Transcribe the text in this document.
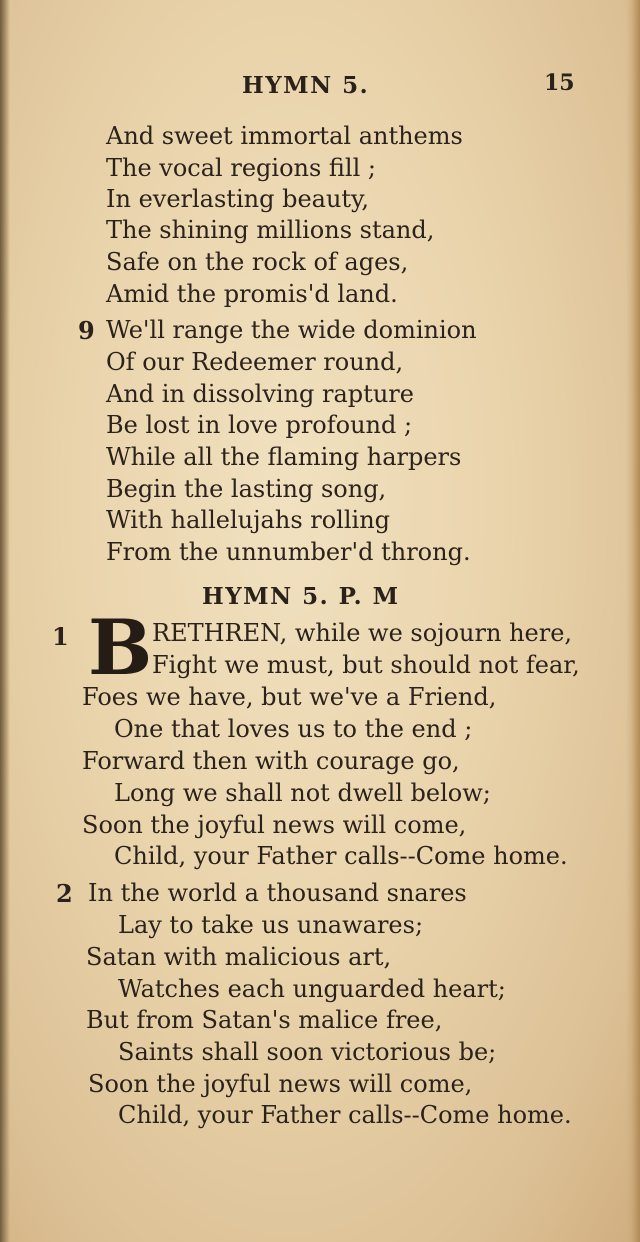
HYMN 5.	15
And sweet immortal anthems
The vocal regions fill ;
In everlasting beauty,
The shining millions stand,
Safe on the rock of ages,
Amid the promis'd land.
9 We'll range the wide dominion
Of our Redeemer round,
And in dissolving rapture
Be lost in love profound ;
While all the flaming harpers
Begin the lasting song,
With hallelujahs rolling
From the unnumber'd throng.
HYMN 5. P. M
1 B RETHREN, while we sojourn here,
Fight we must, but should not fear,
Foes we have, but we've a Friend,
One that loves us to the end ;
Forward then with courage go,
Long we shall not dwell below;
Soon the joyful news will come,
Child, your Father calls--Come home.
2 In the world a thousand snares
Lay to take us unawares;
Satan with malicious art,
Watches each unguarded heart;
But from Satan's malice free,
Saints shall soon victorious be;
Soon the joyful news will come,
Child, your Father calls--Come home.
